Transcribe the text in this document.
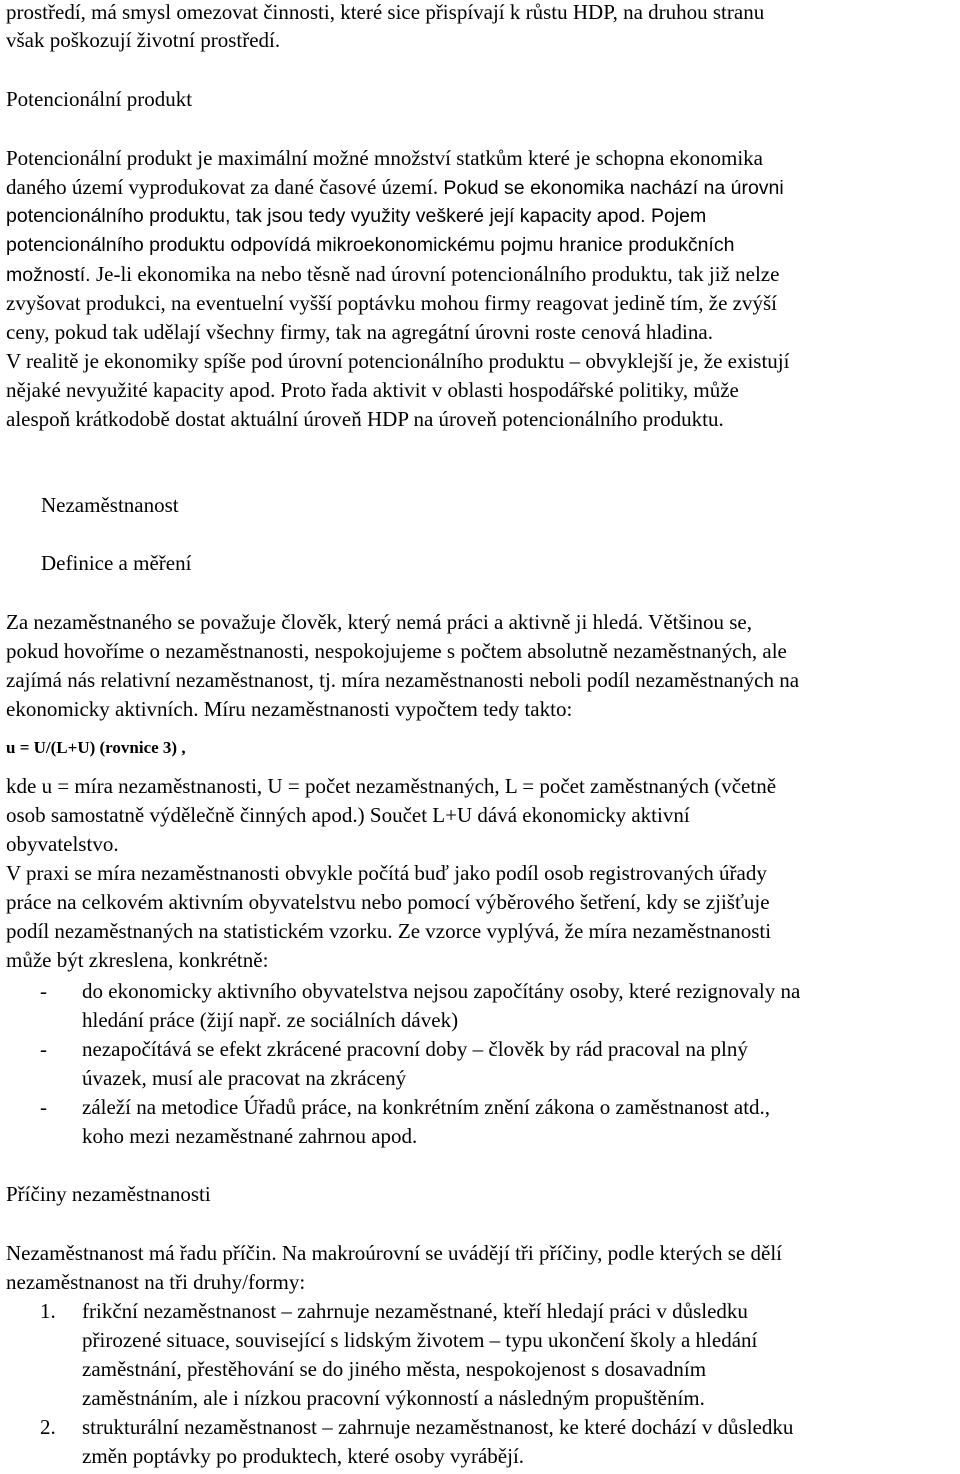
prostředí, má smysl omezovat činnosti, které sice přispívají k růstu HDP, na druhou stranu
však poškozují životní prostředí.
Potencionální produkt
Potencionální produkt je maximální možné množství statkům které je schopna ekonomika
daného území vyprodukovat za dané časové území. Pokud se ekonomika nachází na úrovni
potencionálního produktu, tak jsou tedy využity veškeré její kapacity apod. Pojem
potencionálního produktu odpovídá mikroekonomickému pojmu hranice produkčních
možností. Je-li ekonomika na nebo těsně nad úrovní potencionálního produktu, tak již nelze
zvyšovat produkci, na eventuelní vyšší poptávku mohou firmy reagovat jedině tím, že zvýší
ceny, pokud tak udělají všechny firmy, tak na agregátní úrovni roste cenová hladina.
V realitě je ekonomiky spíše pod úrovní potencionálního produktu – obvyklejší je, že existují
nějaké nevyužité kapacity apod. Proto řada aktivit v oblasti hospodářské politiky, může
alespoň krátkodobě dostat aktuální úroveň HDP na úroveň potencionálního produktu.
Nezaměstnanost
Definice a měření
Za nezaměstnaného se považuje člověk, který nemá práci a aktivně ji hledá. Většinou se,
pokud hovoříme o nezaměstnanosti, nespokojujeme s počtem absolutně nezaměstnaných, ale
zajímá nás relativní nezaměstnanost, tj. míra nezaměstnanosti neboli podíl nezaměstnaných na
ekonomicky aktivních. Míru nezaměstnanosti vypočtem tedy takto:
u = U/(L+U) (rovnice 3) ,
kde u = míra nezaměstnanosti, U = počet nezaměstnaných, L = počet zaměstnaných (včetně
osob samostatně výdělečně činných apod.) Součet L+U dává ekonomicky aktivní
obyvatelstvo.
V praxi se míra nezaměstnanosti obvykle počítá buď jako podíl osob registrovaných úřady
práce na celkovém aktivním obyvatelstvu nebo pomocí výběrového šetření, kdy se zjišťuje
podíl nezaměstnaných na statistickém vzorku. Ze vzorce vyplývá, že míra nezaměstnanosti
může být zkreslena, konkrétně:
- do ekonomicky aktivního obyvatelstva nejsou započítány osoby, které rezignovaly na
hledání práce (žijí např. ze sociálních dávek)
- nezapočítává se efekt zkrácené pracovní doby – člověk by rád pracoval na plný
úvazek, musí ale pracovat na zkrácený
- záleží na metodice Úřadů práce, na konkrétním znění zákona o zaměstnanost atd.,
koho mezi nezaměstnané zahrnou apod.
Příčiny nezaměstnanosti
Nezaměstnanost má řadu příčin. Na makroúrovní se uvádějí tři příčiny, podle kterých se dělí
nezaměstnanost na tři druhy/formy:
1. frikční nezaměstnanost – zahrnuje nezaměstnané, kteří hledají práci v důsledku
přirozené situace, související s lidským životem – typu ukončení školy a hledání
zaměstnání, přestěhování se do jiného města, nespokojenost s dosavadním
zaměstnáním, ale i nízkou pracovní výkonností a následným propuštěním.
2. strukturální nezaměstnanost – zahrnuje nezaměstnanost, ke které dochází v důsledku
změn poptávky po produktech, které osoby vyrábějí.
